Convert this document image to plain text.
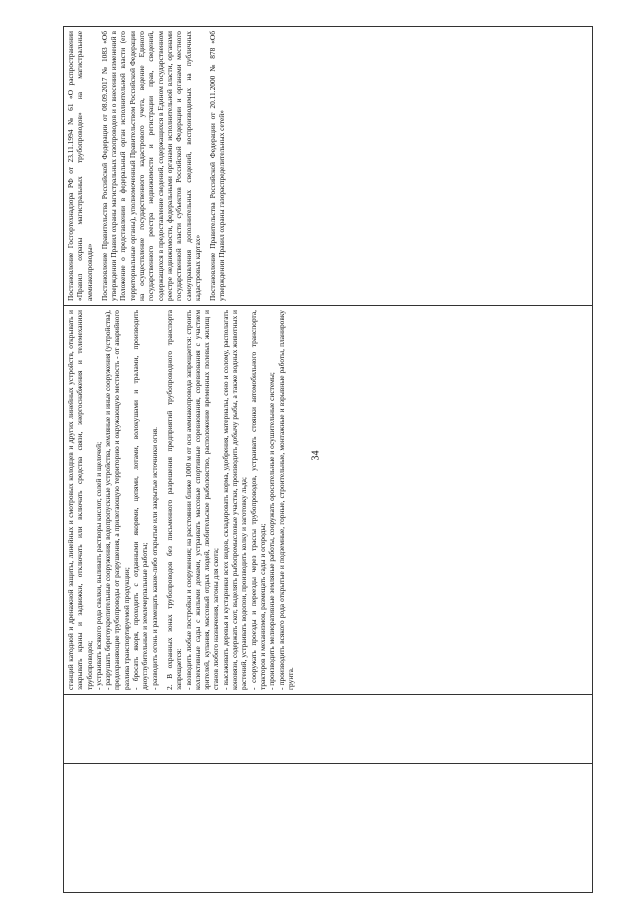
34

станций катодной и дренажной защиты, линейных и смотровых колодцев и других линейных устройств, открывать и закрывать краны и задвижки, отключать или включать средства связи, энергоснабжения и телемеханики трубопроводов; - устраивать всякого рода свалки, выливать растворы кислот, солей и щелочей; - разрушать берегоукрепительные сооружения, водопропускные устройства, земляные и иные сооружения (устройства), предохраняющие трубопроводы от разрушения, а прилегающую территорию и окружающую местность - от аварийного разлива транспортируемой продукции; - бросать якоря, проходить с отданными якорями, цепями, лотами, волокушами и тралами, производить дноуглубительные и землечерпальные работы; - разводить огонь и размещать какие-либо открытые или закрытые источники огня. 2. В охранных зонах трубопроводов без письменного разрешения предприятий трубопроводного транспорта запрещается: - возводить любые постройки и сооружения; на расстоянии ближе 1000 м от оси аммиакопровода запрещается: строить коллективные сады с жилыми домами, устраивать массовые спортивные соревнования, соревнования с участием зрителей, купания, массовый отдых людей, любительское рыболовство, расположение временных полевых жилищ и станов любого назначения, загоны для скота; - высаживать деревья и кустарники всех видов, складировать корма, удобрения, материалы, сено и солому, располагать коновязи, содержать скот, выделять рыбопромысловые участки, производить добычу рыбы, а также водных животных и растений, устраивать водопои, производить колку и заготовку льда; - сооружать проезды и переезды через трассы трубопроводов, устраивать стоянки автомобильного транспорта, тракторов и механизмов, размещать сады и огороды; - производить мелиоративные земляные работы, сооружать оросительные и осушительные системы; - производить всякого рода открытые и подземные, горные, строительные, монтажные и взрывные работы, планировку грунта.

Постановление Госгортехнадзора РФ от 23.11.1994 № 61 «О распространении «Правил охраны магистральных трубопроводов» на магистральные аммиакопроводы» Постановление Правительства Российской Федерации от 08.09.2017 № 1083 «Об утверждении Правил охраны магистральных газопроводов и о внесении изменений в Положение о представлении в федеральный орган исполнительной власти (его территориальные органы), уполномоченный Правительством Российской Федерации на осуществление государственного кадастрового учета, ведение Единого государственного реестра недвижимости и регистрации прав, сведений, содержащихся в предоставление сведений, содержащихся в Едином государственном реестре недвижимости, федеральными органами исполнительной власти, органами государственной власти субъектов Российской Федерации и органами местного самоуправления дополнительных сведений, воспроизводимых на публичных кадастровых картах» Постановление Правительства Российской Федерации от 20.11.2000 № 878 «Об утверждении Правил охраны газораспределительных сетей»
